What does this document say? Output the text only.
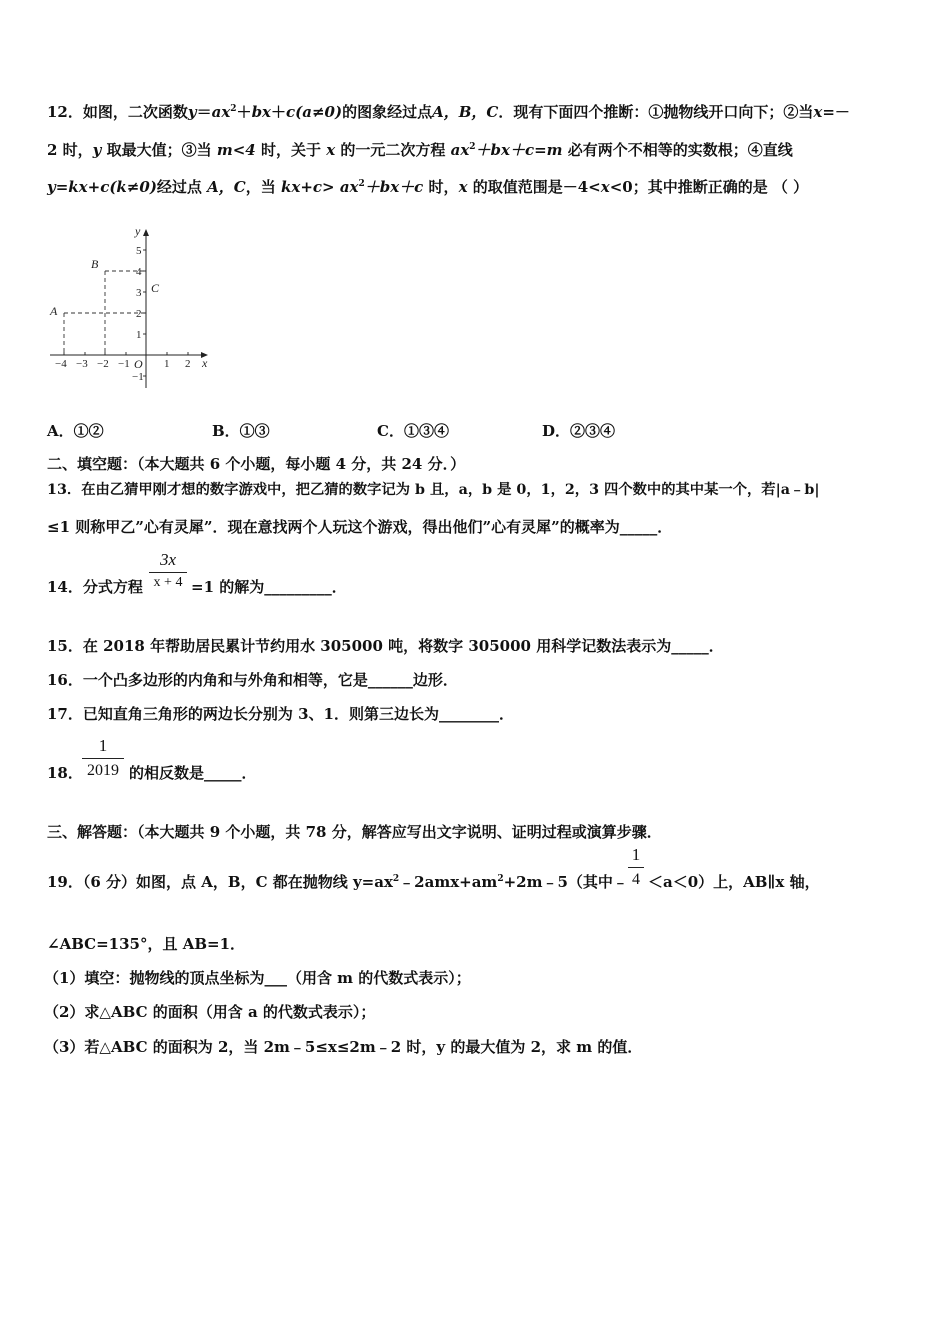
12．如图，二次函数$y=ax^2+bx+c(a\ne 0)$的图象经过点A，B，C．现有下面四个推断：①抛物线开口向下；②当x=－
2 时，y 取最大值；③当 m<4 时，关于 x 的一元二次方程 $ax^2+bx+c=m$ 必有两个不相等的实数根；④直线
y=kx+c(k≠0)经过点 A，C，当 $kx+c> ax^2+bx+c$ 时，x 的取值范围是－4<x<0；其中推断正确的是 （ ）
5
4
3
2
1
−1
−4 −3 −2 −1	1 2
O
y
x
A
B
C
A．①②	B．①③	C．①③④	D．②③④
二、填空题：（本大题共 6 个小题，每小题 4 分，共 24 分．）
13．在由乙猜甲刚才想的数字游戏中，把乙猜的数字记为 b 且，a，b 是 0，1，2，3 四个数中的其中某一个，若|a﹣b|
≤1 则称甲乙”心有灵犀”．现在意找两个人玩这个游戏，得出他们”心有灵犀”的概率为_____．
14．分式方程
3x
x + 4 =1 的解为_________．
15．在 2018 年帮助居民累计节约用水 305000 吨，将数字 305000 用科学记数法表示为_____．
16．一个凸多边形的内角和与外角和相等，它是______边形．
17．已知直角三角形的两边长分别为 3、1．则第三边长为________．
18．
1
2019 的相反数是_____．
三、解答题：（本大题共 9 个小题，共 78 分，解答应写出文字说明、证明过程或演算步骤．
19．（6 分）如图，点 A，B，C 都在抛物线 $y=ax^2﹣2amx+am^2+2m﹣5$（其中﹣
1
4 ＜a＜0）上，AB∥x 轴，
∠ABC=135°，且 AB=1．
（1）填空：抛物线的顶点坐标为___（用含 m 的代数式表示）；
（2）求△ABC 的面积（用含 a 的代数式表示）；
（3）若△ABC 的面积为 2，当 2m﹣5≤x≤2m﹣2 时，y 的最大值为 2，求 m 的值．
